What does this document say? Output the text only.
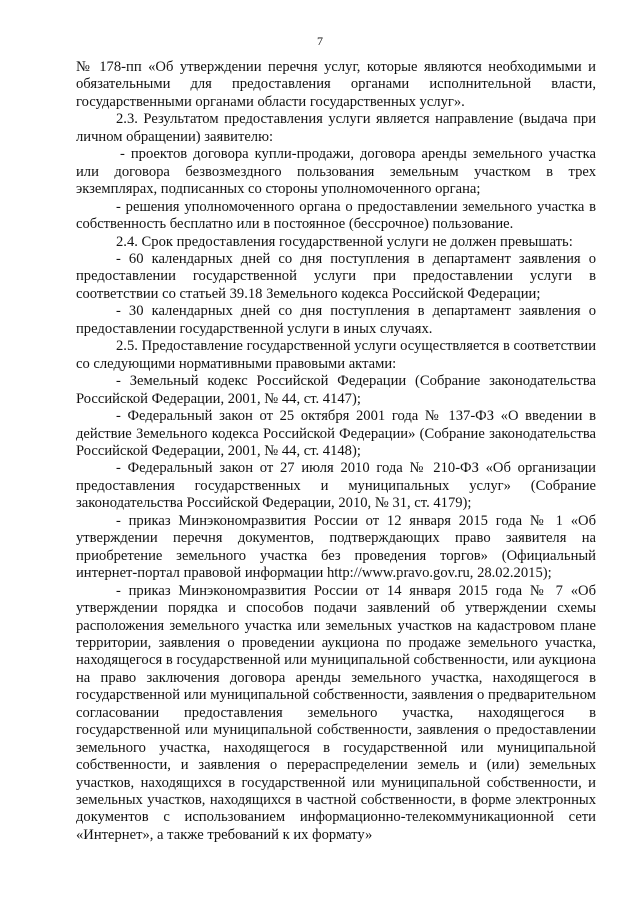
7

№ 178-пп «Об утверждении перечня услуг, которые являются необходимыми и обязательными для предоставления органами исполнительной власти, государственными органами области государственных услуг».

2.3. Результатом предоставления услуги является направление (выдача при личном обращении) заявителю:

- проектов договора купли-продажи, договора аренды земельного участка или договора безвозмездного пользования земельным участком в трех экземплярах, подписанных со стороны уполномоченного органа;

- решения уполномоченного органа о предоставлении земельного участка в собственность бесплатно или в постоянное (бессрочное) пользование.

2.4. Срок предоставления государственной услуги не должен превышать:

- 60 календарных дней со дня поступления в департамент заявления о предоставлении государственной услуги при предоставлении услуги в соответствии со статьей 39.18 Земельного кодекса Российской Федерации;

- 30 календарных дней со дня поступления в департамент заявления о предоставлении государственной услуги в иных случаях.

2.5. Предоставление государственной услуги осуществляется в соответствии со следующими нормативными правовыми актами:

- Земельный кодекс Российской Федерации (Собрание законодательства Российской Федерации, 2001, № 44, ст. 4147);

- Федеральный закон от 25 октября 2001 года № 137-ФЗ «О введении в действие Земельного кодекса Российской Федерации» (Собрание законодательства Российской Федерации, 2001, № 44, ст. 4148);

- Федеральный закон от 27 июля 2010 года № 210-ФЗ «Об организации предоставления государственных и муниципальных услуг» (Собрание законодательства Российской Федерации, 2010, № 31, ст. 4179);

- приказ Минэкономразвития России от 12 января 2015 года № 1 «Об утверждении перечня документов, подтверждающих право заявителя на приобретение земельного участка без проведения торгов» (Официальный интернет-портал правовой информации http://www.pravo.gov.ru, 28.02.2015);

- приказ Минэкономразвития России от 14 января 2015 года № 7 «Об утверждении порядка и способов подачи заявлений об утверждении схемы расположения земельного участка или земельных участков на кадастровом плане территории, заявления о проведении аукциона по продаже земельного участка, находящегося в государственной или муниципальной собственности, или аукциона на право заключения договора аренды земельного участка, находящегося в государственной или муниципальной собственности, заявления о предварительном согласовании предоставления земельного участка, находящегося в государственной или муниципальной собственности, заявления о предоставлении земельного участка, находящегося в государственной или муниципальной собственности, и заявления о перераспределении земель и (или) земельных участков, находящихся в государственной или муниципальной собственности, и земельных участков, находящихся в частной собственности, в форме электронных документов с использованием информационно-телекоммуникационной сети «Интернет», а также требований к их формату»
